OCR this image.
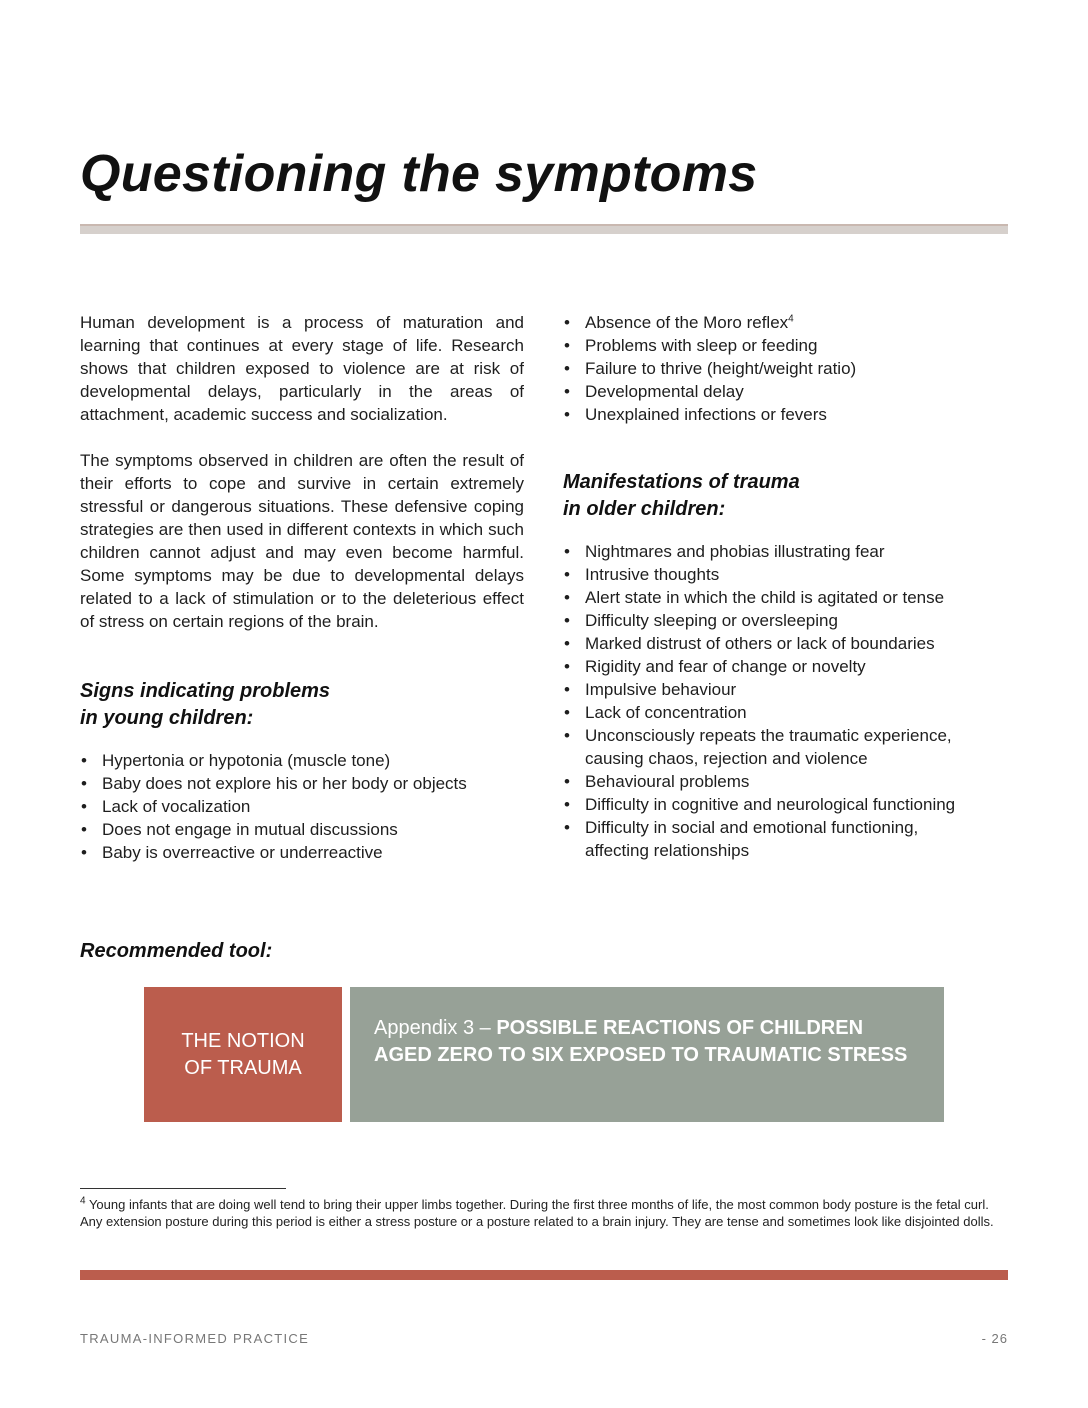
Questioning the symptoms

Human development is a process of maturation and learning that continues at every stage of life. Research shows that children exposed to violence are at risk of developmental delays, particularly in the areas of attachment, academic success and socialization.

The symptoms observed in children are often the result of their efforts to cope and survive in certain extremely stressful or dangerous situations. These defensive coping strategies are then used in different contexts in which such children cannot adjust and may even become harmful. Some symptoms may be due to developmental delays related to a lack of stimulation or to the deleterious effect of stress on certain regions of the brain.

Signs indicating problems
in young children:

• Hypertonia or hypotonia (muscle tone)
• Baby does not explore his or her body or objects
• Lack of vocalization
• Does not engage in mutual discussions
• Baby is overreactive or underreactive
• Absence of the Moro reflex$^4$
• Problems with sleep or feeding
• Failure to thrive (height/weight ratio)
• Developmental delay
• Unexplained infections or fevers

Manifestations of trauma
in older children:

• Nightmares and phobias illustrating fear
• Intrusive thoughts
• Alert state in which the child is agitated or tense
• Difficulty sleeping or oversleeping
• Marked distrust of others or lack of boundaries
• Rigidity and fear of change or novelty
• Impulsive behaviour
• Lack of concentration
• Unconsciously repeats the traumatic experience, causing chaos, rejection and violence
• Behavioural problems
• Difficulty in cognitive and neurological functioning
• Difficulty in social and emotional functioning, affecting relationships

Recommended tool:

THE NOTION
OF TRAUMA
Appendix 3 – POSSIBLE REACTIONS OF CHILDREN AGED ZERO TO SIX EXPOSED TO TRAUMATIC STRESS

$^4$ Young infants that are doing well tend to bring their upper limbs together. During the first three months of life, the most common body posture is the fetal curl. Any extension posture during this period is either a stress posture or a posture related to a brain injury. They are tense and sometimes look like disjointed dolls.

TRAUMA-INFORMED PRACTICE	- 26
